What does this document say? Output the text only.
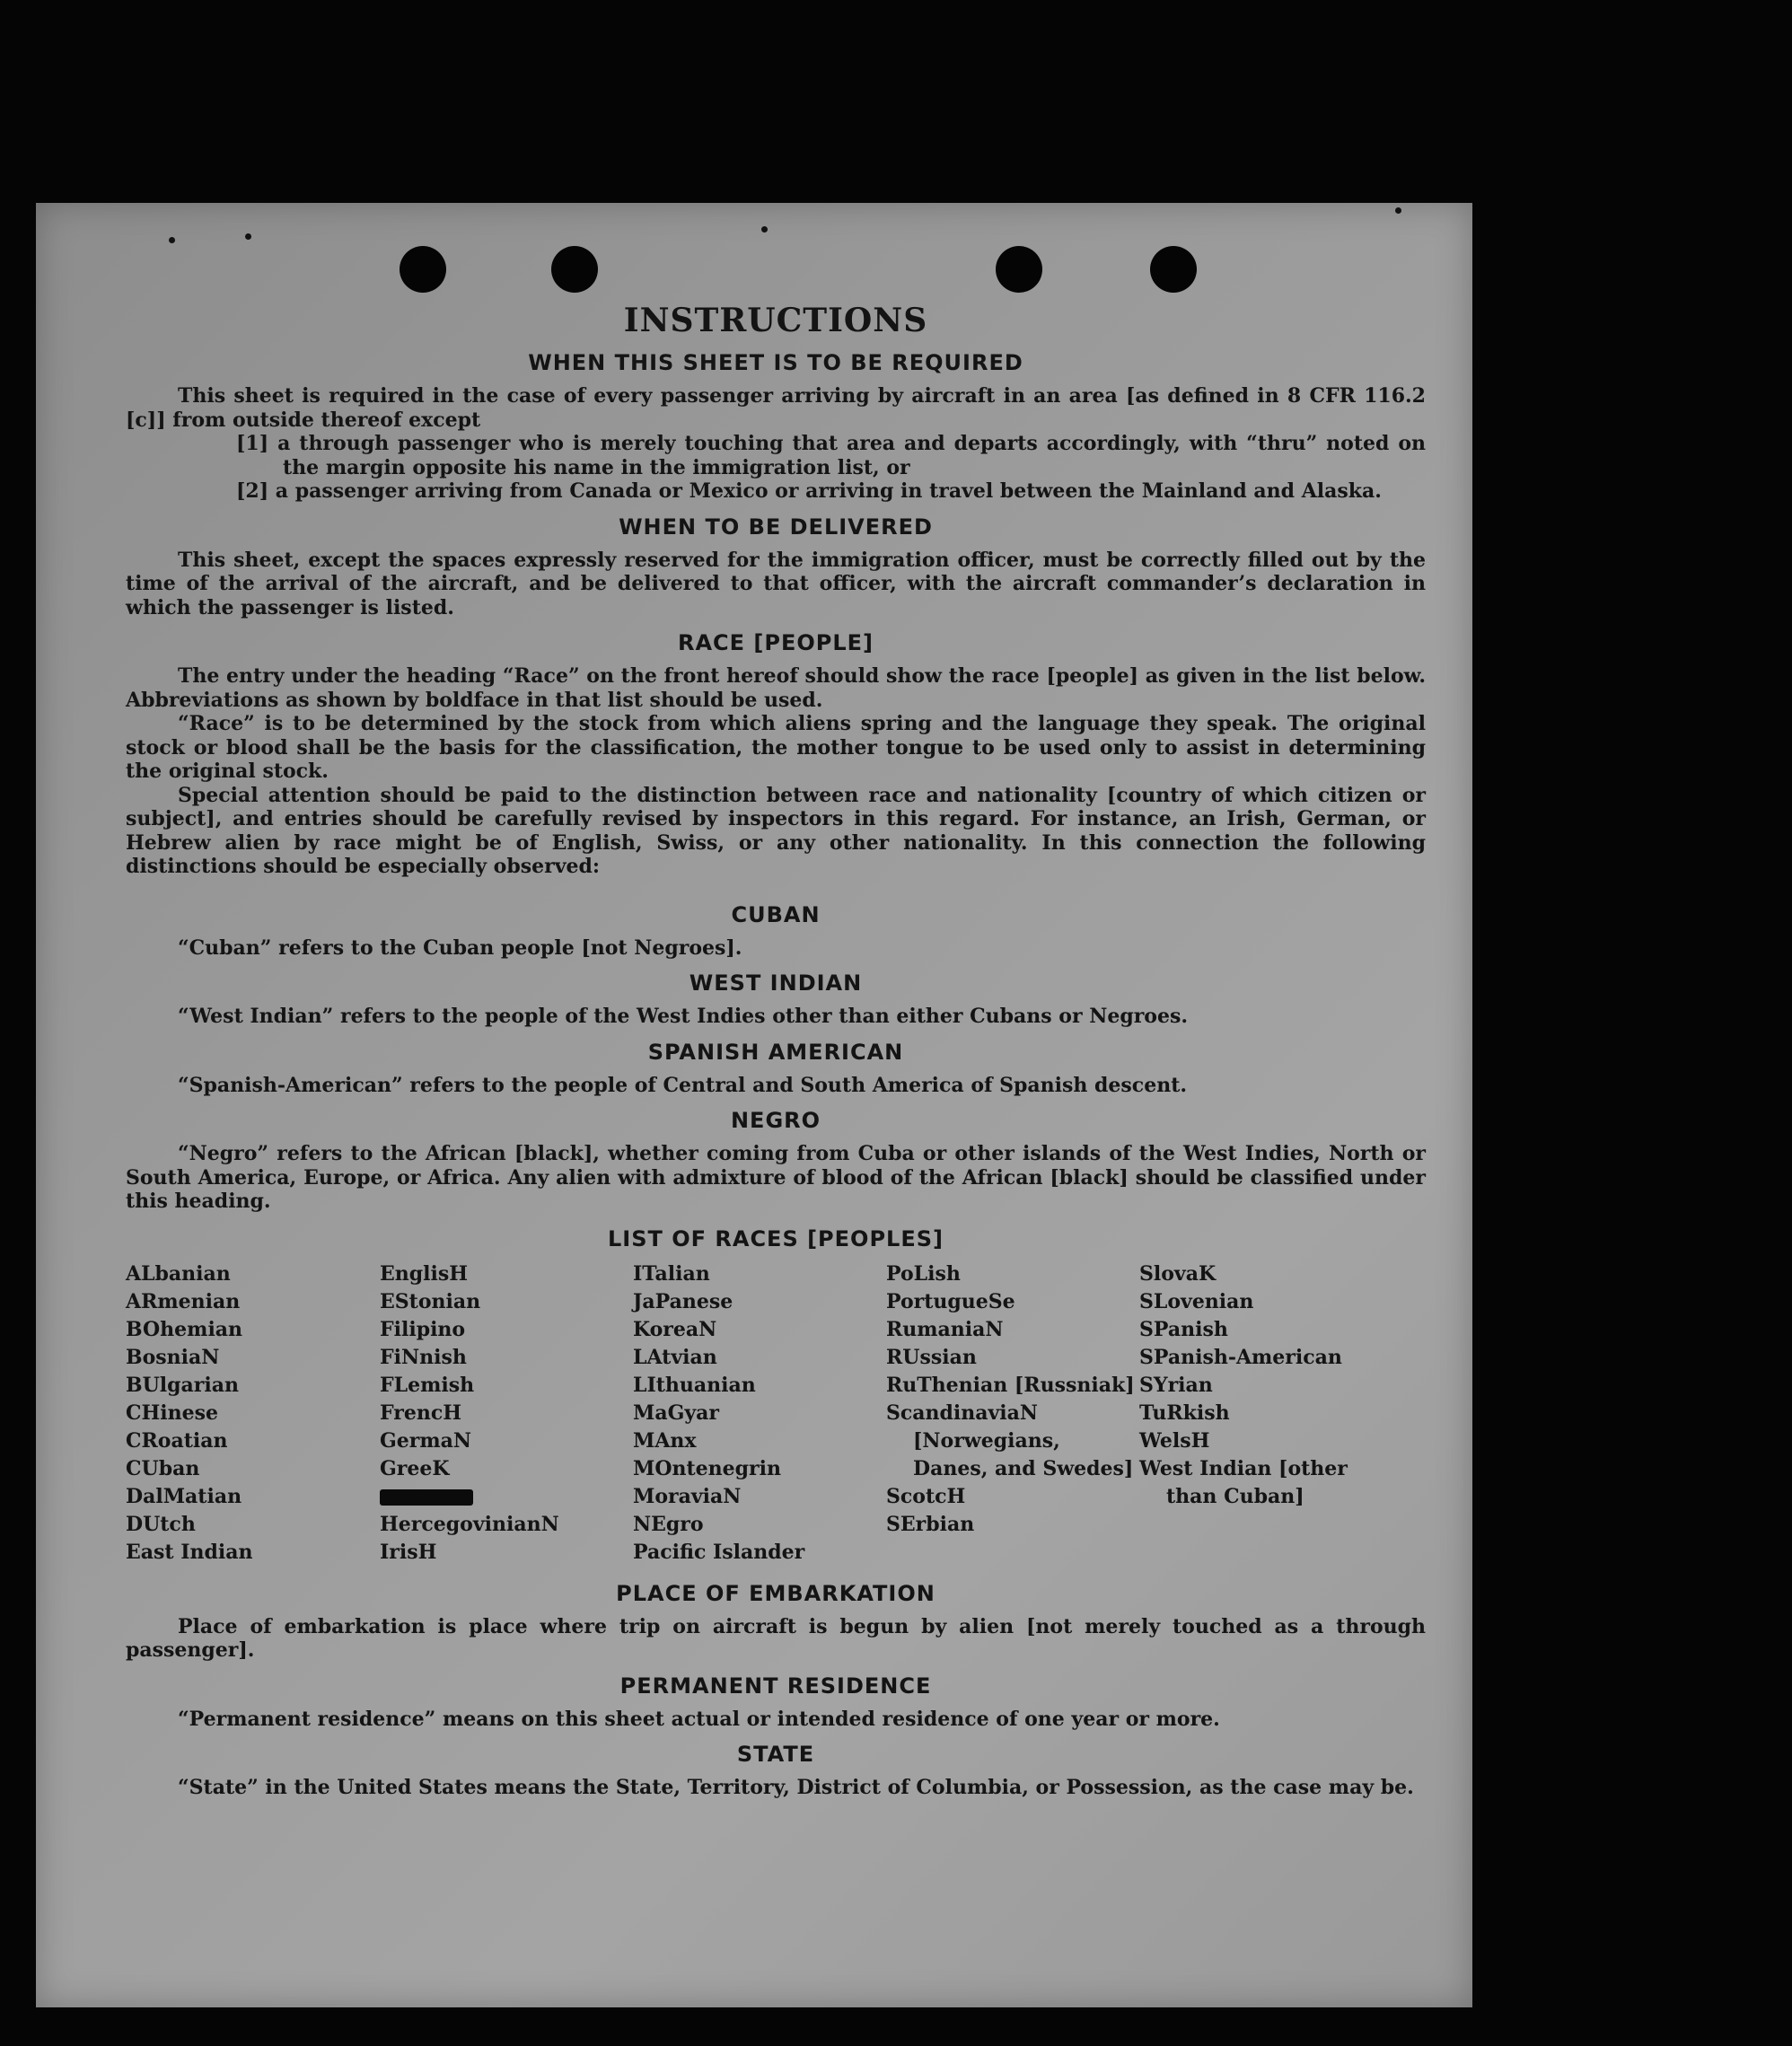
INSTRUCTIONS
WHEN THIS SHEET IS TO BE REQUIRED

This sheet is required in the case of every passenger arriving by aircraft in an area [as defined in 8 CFR 116.2 [c]] from outside thereof except

[1] a through passenger who is merely touching that area and departs accordingly, with “thru” noted on the margin opposite his name in the immigration list, or
[2] a passenger arriving from Canada or Mexico or arriving in travel between the Mainland and Alaska.
WHEN TO BE DELIVERED

This sheet, except the spaces expressly reserved for the immigration officer, must be correctly filled out by the time of the arrival of the aircraft, and be delivered to that officer, with the aircraft commander’s declaration in which the passenger is listed.

RACE [PEOPLE]

The entry under the heading “Race” on the front hereof should show the race [people] as given in the list below. Abbreviations as shown by boldface in that list should be used.

“Race” is to be determined by the stock from which aliens spring and the language they speak. The original stock or blood shall be the basis for the classification, the mother tongue to be used only to assist in determining the original stock.

Special attention should be paid to the distinction between race and nationality [country of which citizen or subject], and entries should be carefully revised by inspectors in this regard. For instance, an Irish, German, or Hebrew alien by race might be of English, Swiss, or any other nationality. In this connection the following distinctions should be especially observed:

CUBAN

“Cuban” refers to the Cuban people [not Negroes].

WEST INDIAN

“West Indian” refers to the people of the West Indies other than either Cubans or Negroes.

SPANISH AMERICAN

“Spanish-American” refers to the people of Central and South America of Spanish descent.

NEGRO

“Negro” refers to the African [black], whether coming from Cuba or other islands of the West Indies, North or South America, Europe, or Africa. Any alien with admixture of blood of the African [black] should be classified under this heading.

LIST OF RACES [PEOPLES]
ALbanian
ARmenian
BOhemian
BosniaN
BUlgarian
CHinese
CRoatian
CUban
DalMatian
DUtch
East Indian
EnglisH
EStonian
Filipino
FiNnish
FLemish
FrencH
GermaN
GreeK
HercegovinianN
IrisH
ITalian
JaPanese
KoreaN
LAtvian
LIthuanian
MaGyar
MAnx
MOntenegrin
MoraviaN
NEgro
Pacific Islander
PoLish
PortugueSe
RumaniaN
RUssian
RuThenian [Russniak]
ScandinaviaN [Norwegians, Danes, and Swedes]
ScotcH
SErbian
SlovaK
SLovenian
SPanish
SPanish-American
SYrian
TuRkish
WelsH
West Indian [other than Cuban]
PLACE OF EMBARKATION

Place of embarkation is place where trip on aircraft is begun by alien [not merely touched as a through passenger].

PERMANENT RESIDENCE

“Permanent residence” means on this sheet actual or intended residence of one year or more.

STATE

“State” in the United States means the State, Territory, District of Columbia, or Possession, as the case may be.
